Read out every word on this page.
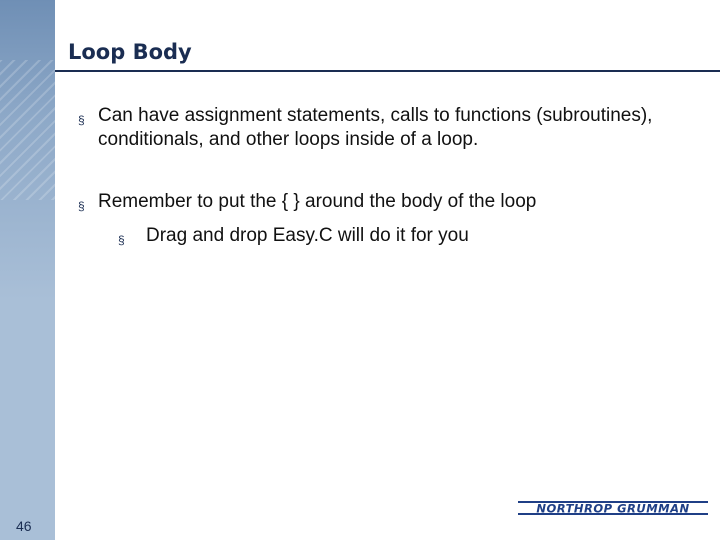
Loop Body
§ Can have assignment statements, calls to functions (subroutines), conditionals, and other loops inside of a loop.
§ Remember to put the { } around the body of the loop
§ Drag and drop Easy.C will do it for you
46
NORTHROP GRUMMAN
